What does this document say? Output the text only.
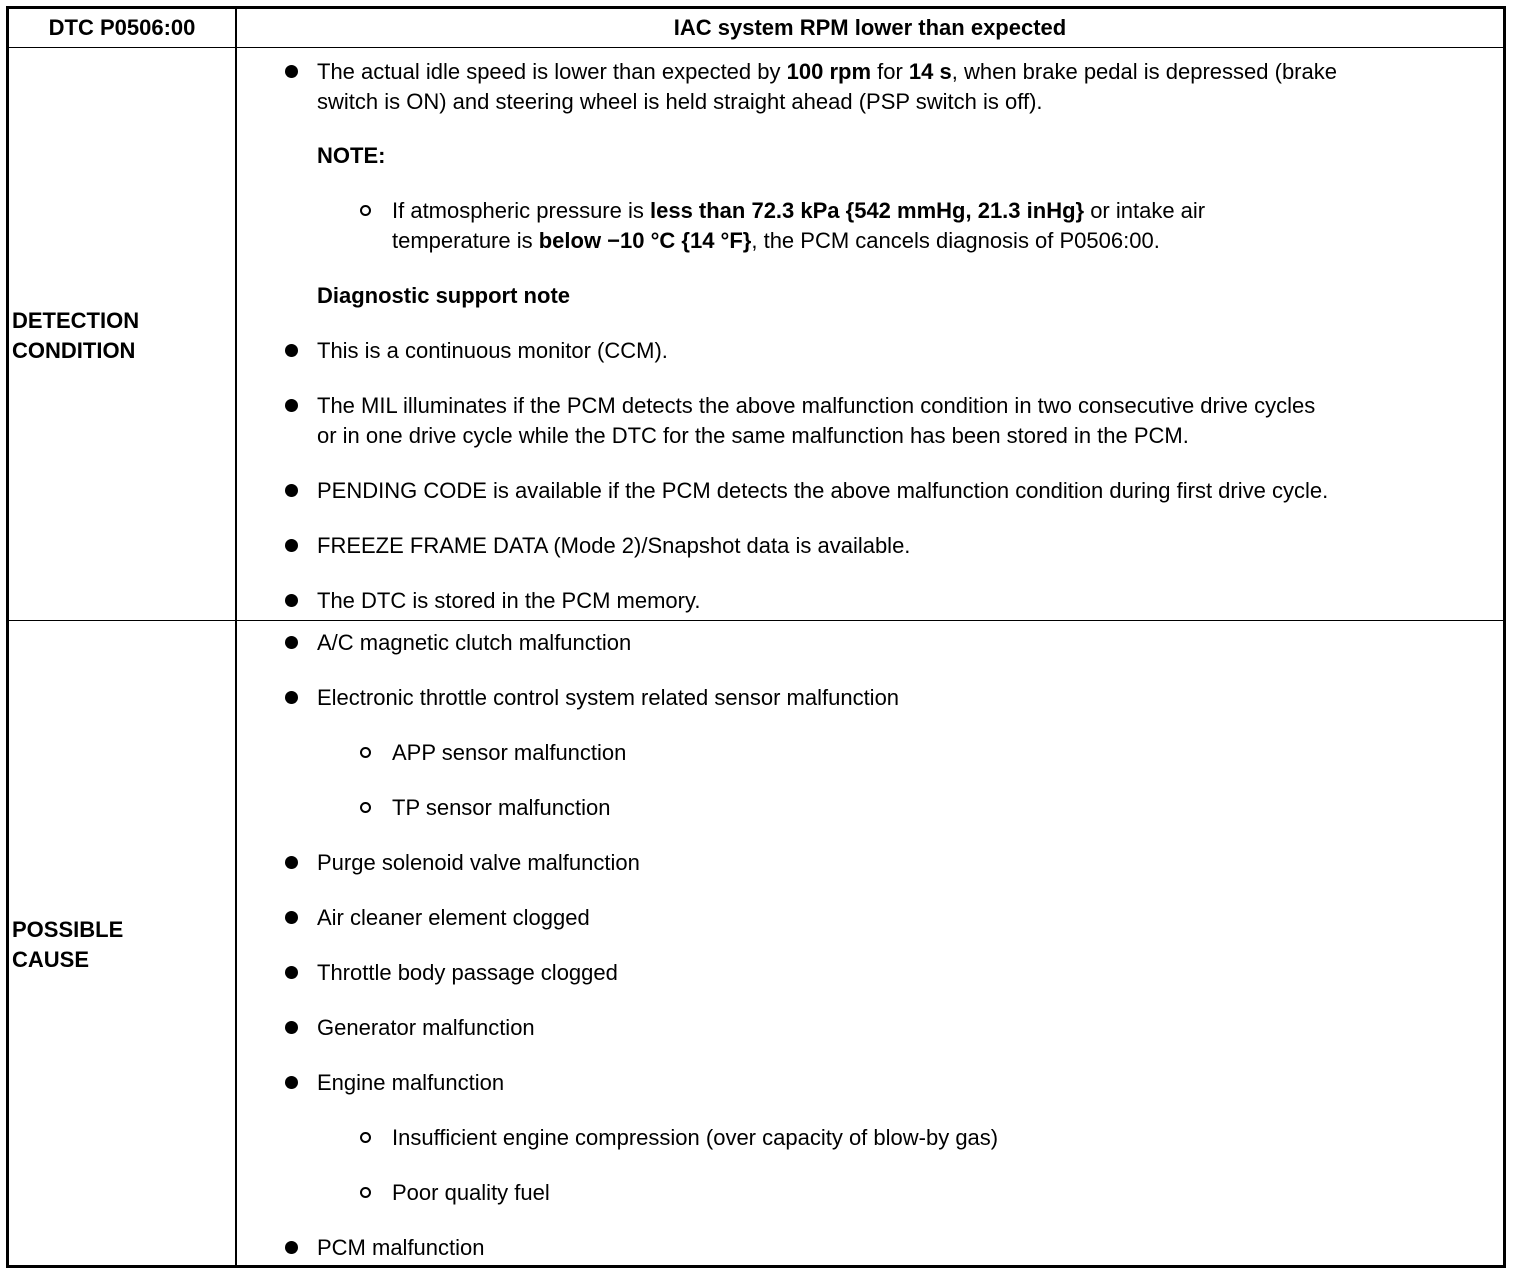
DTC P0506:00	IAC system RPM lower than expected
DETECTION
CONDITION
The actual idle speed is lower than expected by 100 rpm for 14 s, when brake pedal is depressed (brake
switch is ON) and steering wheel is held straight ahead (PSP switch is off).
NOTE:
If atmospheric pressure is less than 72.3 kPa {542 mmHg, 21.3 inHg} or intake air
temperature is below −10 °C {14 °F}, the PCM cancels diagnosis of P0506:00.
Diagnostic support note
This is a continuous monitor (CCM).
The MIL illuminates if the PCM detects the above malfunction condition in two consecutive drive cycles
or in one drive cycle while the DTC for the same malfunction has been stored in the PCM.
PENDING CODE is available if the PCM detects the above malfunction condition during first drive cycle.
FREEZE FRAME DATA (Mode 2)/Snapshot data is available.
The DTC is stored in the PCM memory.
POSSIBLE
CAUSE
A/C magnetic clutch malfunction
Electronic throttle control system related sensor malfunction
APP sensor malfunction
TP sensor malfunction
Purge solenoid valve malfunction
Air cleaner element clogged
Throttle body passage clogged
Generator malfunction
Engine malfunction
Insufficient engine compression (over capacity of blow-by gas)
Poor quality fuel
PCM malfunction
